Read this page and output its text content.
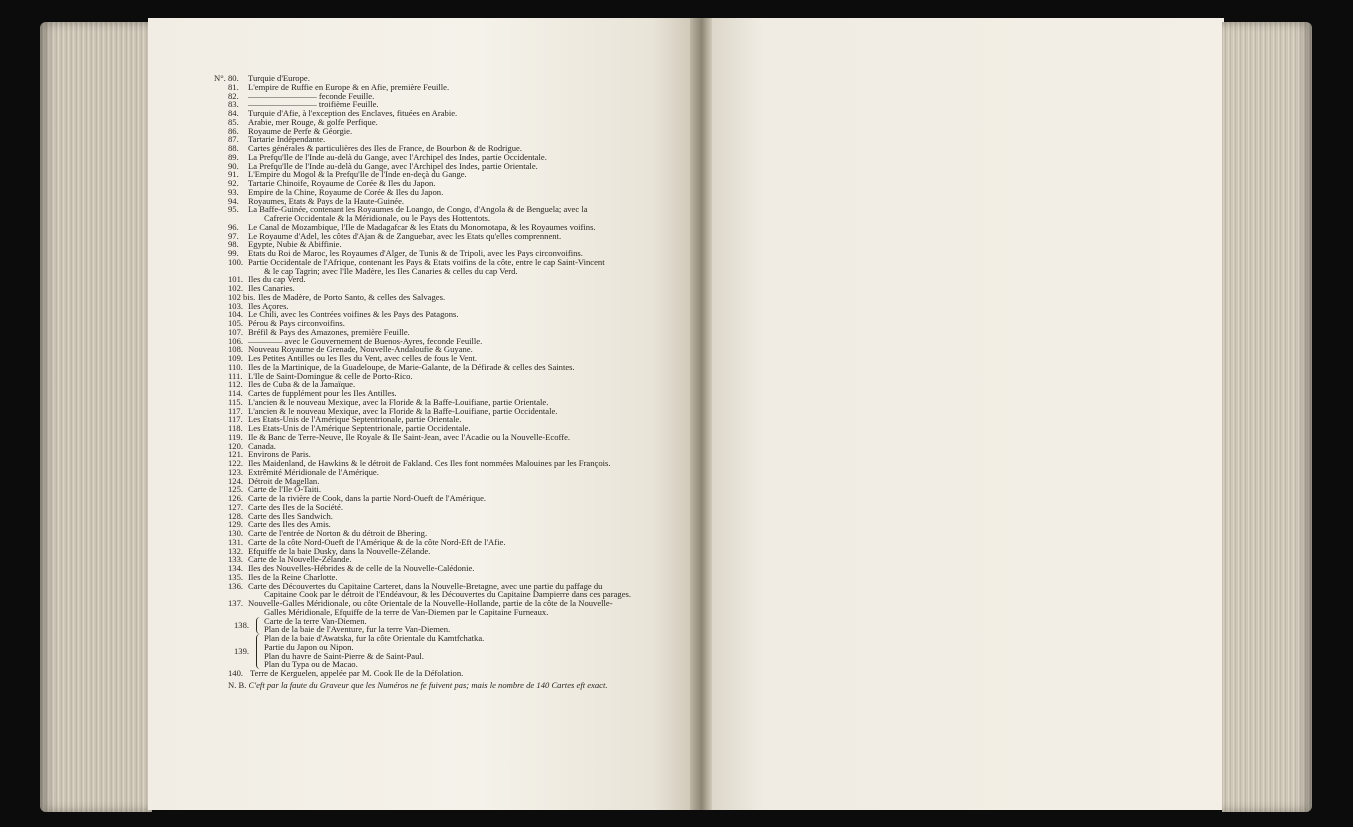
N°. 80. Turquie d'Europe.
81. L'empire de Ruffie en Europe & en Afie, première Feuille.
82. ———————— feconde Feuille.
83. ———————— troifième Feuille.
84. Turquie d'Afie, à l'exception des Enclaves, fituées en Arabie.
85. Arabie, mer Rouge, & golfe Perfique.
86. Royaume de Perfe & Géorgie.
87. Tartarie Indépendante.
88. Cartes générales & particulières des Iles de France, de Bourbon & de Rodrigue.
89. La Prefqu'Ile de l'Inde au-delà du Gange, avec l'Archipel des Indes, partie Occidentale.
90. La Prefqu'Ile de l'Inde au-delà du Gange, avec l'Archipel des Indes, partie Orientale.
91. L'Empire du Mogol & la Prefqu'Ile de l'Inde en-deçà du Gange.
92. Tartarie Chinoife, Royaume de Corée & Iles du Japon.
93. Empire de la Chine, Royaume de Corée & Iles du Japon.
94. Royaumes, Etats & Pays de la Haute-Guinée.
95. La Baffe-Guinée, contenant les Royaumes de Loango, de Congo, d'Angola & de Benguela; avec la
Cafrerie Occidentale & la Méridionale, ou le Pays des Hottentots.
96. Le Canal de Mozambique, l'Ile de Madagafcar & les Etats du Monomotapa, & les Royaumes voifins.
97. Le Royaume d'Adel, les côtes d'Ajan & de Zanguebar, avec les Etats qu'elles comprennent.
98. Egypte, Nubie & Abiffinie.
99. Etats du Roi de Maroc, les Royaumes d'Alger, de Tunis & de Tripoli, avec les Pays circonvoifins.
100. Partie Occidentale de l'Afrique, contenant les Pays & Etats voifins de la côte, entre le cap Saint-Vincent
& le cap Tagrin; avec l'Ile Madère, les Iles Canaries & celles du cap Verd.
101. Iles du cap Verd.
102. Iles Canaries.
102 bis. Iles de Madère, de Porto Santo, & celles des Salvages.
103. Iles Açores.
104. Le Chili, avec les Contrées voifines & les Pays des Patagons.
105. Pérou & Pays circonvoifins.
107. Bréfil & Pays des Amazones, première Feuille.
106. ———— avec le Gouvernement de Buenos-Ayres, feconde Feuille.
108. Nouveau Royaume de Grenade, Nouvelle-Andaloufie & Guyane.
109. Les Petites Antilles ou les Iles du Vent, avec celles de fous le Vent.
110. Iles de la Martinique, de la Guadeloupe, de Marie-Galante, de la Défirade & celles des Saintes.
111. L'Ile de Saint-Domingue & celle de Porto-Rico.
112. Iles de Cuba & de la Jamaïque.
114. Cartes de fupplément pour les Iles Antilles.
115. L'ancien & le nouveau Mexique, avec la Floride & la Baffe-Louifiane, partie Orientale.
117. L'ancien & le nouveau Mexique, avec la Floride & la Baffe-Louifiane, partie Occidentale.
117. Les Etats-Unis de l'Amérique Septentrionale, partie Orientale.
118. Les Etats-Unis de l'Amérique Septentrionale, partie Occidentale.
119. Ile & Banc de Terre-Neuve, Ile Royale & Ile Saint-Jean, avec l'Acadie ou la Nouvelle-Ecoffe.
120. Canada.
121. Environs de Paris.
122. Iles Maidenland, de Hawkins & le détroit de Fakland. Ces Iles font nommées Malouines par les François.
123. Extrêmité Méridionale de l'Amérique.
124. Détroit de Magellan.
125. Carte de l'Ile O-Taiti.
126. Carte de la rivière de Cook, dans la partie Nord-Oueft de l'Amérique.
127. Carte des Iles de la Société.
128. Carte des Iles Sandwich.
129. Carte des Iles des Amis.
130. Carte de l'entrée de Norton & du détroit de Bhering.
131. Carte de la côte Nord-Oueft de l'Amérique & de la côte Nord-Eft de l'Afie.
132. Efquiffe de la baie Dusky, dans la Nouvelle-Zélande.
133. Carte de la Nouvelle-Zélande.
134. Iles des Nouvelles-Hébrides & de celle de la Nouvelle-Calédonie.
135. Iles de la Reine Charlotte.
136. Carte des Découvertes du Capitaine Carteret, dans la Nouvelle-Bretagne, avec une partie du paffage du
Capitaine Cook par le détroit de l'Endéavour, & les Découvertes du Capitaine Dampierre dans ces parages.
137. Nouvelle-Galles Méridionale, ou côte Orientale de la Nouvelle-Hollande, partie de la côte de la Nouvelle-
Galles Méridionale, Efquiffe de la terre de Van-Diemen par le Capitaine Furneaux.
138.	Carte de la terre Van-Diemen.
Plan de la baie de l'Aventure, fur la terre Van-Diemen.
139.
Plan de la baie d'Awatska, fur la côte Orientale du Kamtfchatka.
Partie du Japon ou Nipon.
Plan du havre de Saint-Pierre & de Saint-Paul.
Plan du Typa ou de Macao.
140. Terre de Kerguelen, appelée par M. Cook Ile de la Défolation.
N. B. C'eft par la faute du Graveur que les Numéros ne fe fuivent pas; mais le nombre de 140 Cartes eft exact.
